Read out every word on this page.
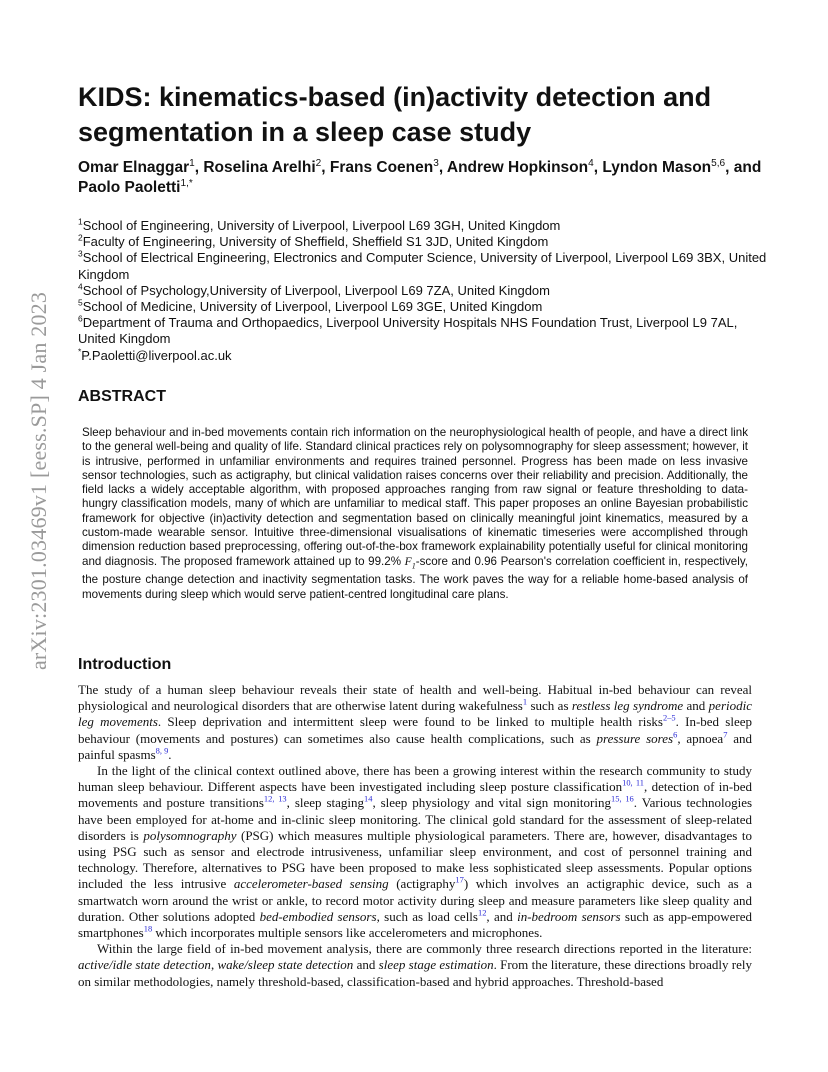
arXiv:2301.03469v1 [eess.SP] 4 Jan 2023
KIDS: kinematics-based (in)activity detection and segmentation in a sleep case study
Omar Elnaggar$^1$, Roselina Arelhi$^2$, Frans Coenen$^3$, Andrew Hopkinson$^4$, Lyndon Mason$^{5,6}$, and Paolo Paoletti$^{1,*}$
$^1$School of Engineering, University of Liverpool, Liverpool L69 3GH, United Kingdom
$^2$Faculty of Engineering, University of Sheffield, Sheffield S1 3JD, United Kingdom
$^3$School of Electrical Engineering, Electronics and Computer Science, University of Liverpool, Liverpool L69 3BX, United Kingdom
$^4$School of Psychology,University of Liverpool, Liverpool L69 7ZA, United Kingdom
$^5$School of Medicine, University of Liverpool, Liverpool L69 3GE, United Kingdom
$^6$Department of Trauma and Orthopaedics, Liverpool University Hospitals NHS Foundation Trust, Liverpool L9 7AL, United Kingdom
*P.Paoletti@liverpool.ac.uk
ABSTRACT
Sleep behaviour and in-bed movements contain rich information on the neurophysiological health of people, and have a direct link to the general well-being and quality of life. Standard clinical practices rely on polysomnography for sleep assessment; however, it is intrusive, performed in unfamiliar environments and requires trained personnel. Progress has been made on less invasive sensor technologies, such as actigraphy, but clinical validation raises concerns over their reliability and precision. Additionally, the field lacks a widely acceptable algorithm, with proposed approaches ranging from raw signal or feature thresholding to data-hungry classification models, many of which are unfamiliar to medical staff. This paper proposes an online Bayesian probabilistic framework for objective (in)activity detection and segmentation based on clinically meaningful joint kinematics, measured by a custom-made wearable sensor. Intuitive three-dimensional visualisations of kinematic timeseries were accomplished through dimension reduction based preprocessing, offering out-of-the-box framework explainability potentially useful for clinical monitoring and diagnosis. The proposed framework attained up to 99.2% $F_1$-score and 0.96 Pearson's correlation coefficient in, respectively, the posture change detection and inactivity segmentation tasks. The work paves the way for a reliable home-based analysis of movements during sleep which would serve patient-centred longitudinal care plans.
Introduction

The study of a human sleep behaviour reveals their state of health and well-being. Habitual in-bed behaviour can reveal physiological and neurological disorders that are otherwise latent during wakefulness$^1$ such as restless leg syndrome and periodic leg movements. Sleep deprivation and intermittent sleep were found to be linked to multiple health risks$^{2-5}$. In-bed sleep behaviour (movements and postures) can sometimes also cause health complications, such as pressure sores$^6$, apnoea$^7$ and painful spasms$^{8, 9}$.

In the light of the clinical context outlined above, there has been a growing interest within the research community to study human sleep behaviour. Different aspects have been investigated including sleep posture classification$^{10, 11}$, detection of in-bed movements and posture transitions$^{12, 13}$, sleep staging$^{14}$, sleep physiology and vital sign monitoring$^{15, 16}$. Various technologies have been employed for at-home and in-clinic sleep monitoring. The clinical gold standard for the assessment of sleep-related disorders is polysomnography (PSG) which measures multiple physiological parameters. There are, however, disadvantages to using PSG such as sensor and electrode intrusiveness, unfamiliar sleep environment, and cost of personnel training and technology. Therefore, alternatives to PSG have been proposed to make less sophisticated sleep assessments. Popular options included the less intrusive accelerometer-based sensing (actigraphy$^{17}$) which involves an actigraphic device, such as a smartwatch worn around the wrist or ankle, to record motor activity during sleep and measure parameters like sleep quality and duration. Other solutions adopted bed-embodied sensors, such as load cells$^{12}$, and in-bedroom sensors such as app-empowered smartphones$^{18}$ which incorporates multiple sensors like accelerometers and microphones.

Within the large field of in-bed movement analysis, there are commonly three research directions reported in the literature: active/idle state detection, wake/sleep state detection and sleep stage estimation. From the literature, these directions broadly rely on similar methodologies, namely threshold-based, classification-based and hybrid approaches. Threshold-based
